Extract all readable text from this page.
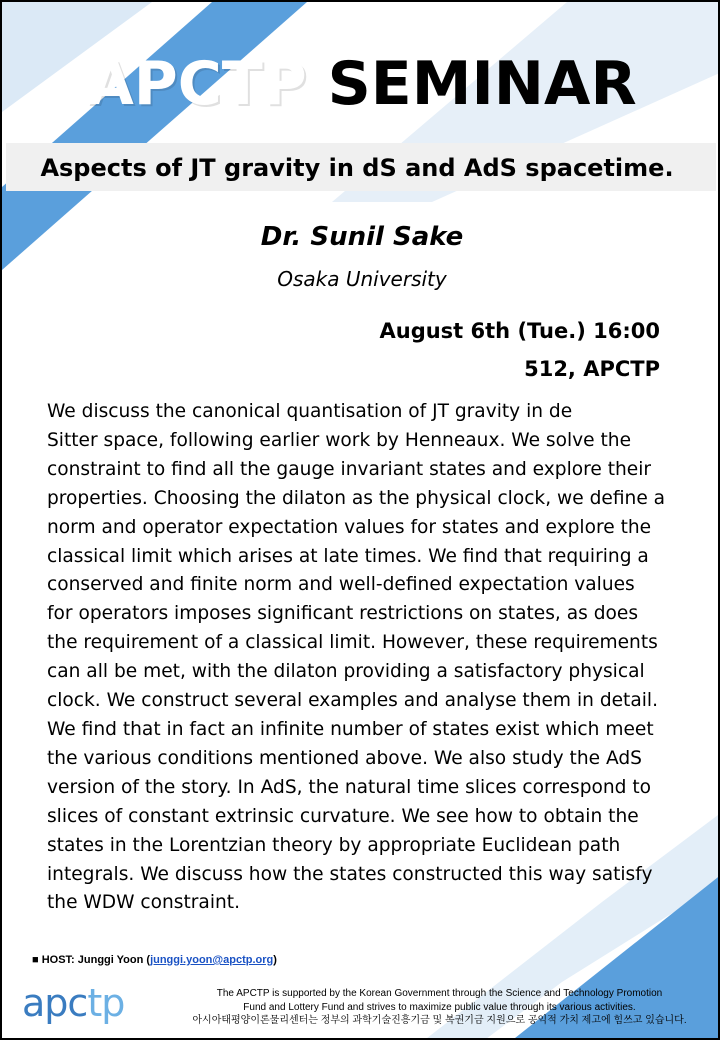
APCTP SEMINAR
Aspects of JT gravity in dS and AdS spacetime.
Dr. Sunil Sake
Osaka University
August 6th (Tue.) 16:00
512, APCTP
We discuss the canonical quantisation of JT gravity in de
Sitter space, following earlier work by Henneaux. We solve the
constraint to find all the gauge invariant states and explore their
properties. Choosing the dilaton as the physical clock, we define a
norm and operator expectation values for states and explore the
classical limit which arises at late times. We find that requiring a
conserved and finite norm and well-defined expectation values
for operators imposes significant restrictions on states, as does
the requirement of a classical limit. However, these requirements
can all be met, with the dilaton providing a satisfactory physical
clock. We construct several examples and analyse them in detail.
We find that in fact an infinite number of states exist which meet
the various conditions mentioned above. We also study the AdS
version of the story. In AdS, the natural time slices correspond to
slices of constant extrinsic curvature. We see how to obtain the
states in the Lorentzian theory by appropriate Euclidean path
integrals. We discuss how the states constructed this way satisfy
the WDW constraint.
■ HOST: Junggi Yoon (junggi.yoon@apctp.org)
apctp	The APCTP is supported by the Korean Government through the Science and Technology Promotion
Fund and Lottery Fund and strives to maximize public value through its various activities.
아시아태평양이론물리센터는 정부의 과학기술진흥기금 및 복권기금 지원으로 공익적 가치 제고에 힘쓰고 있습니다.
